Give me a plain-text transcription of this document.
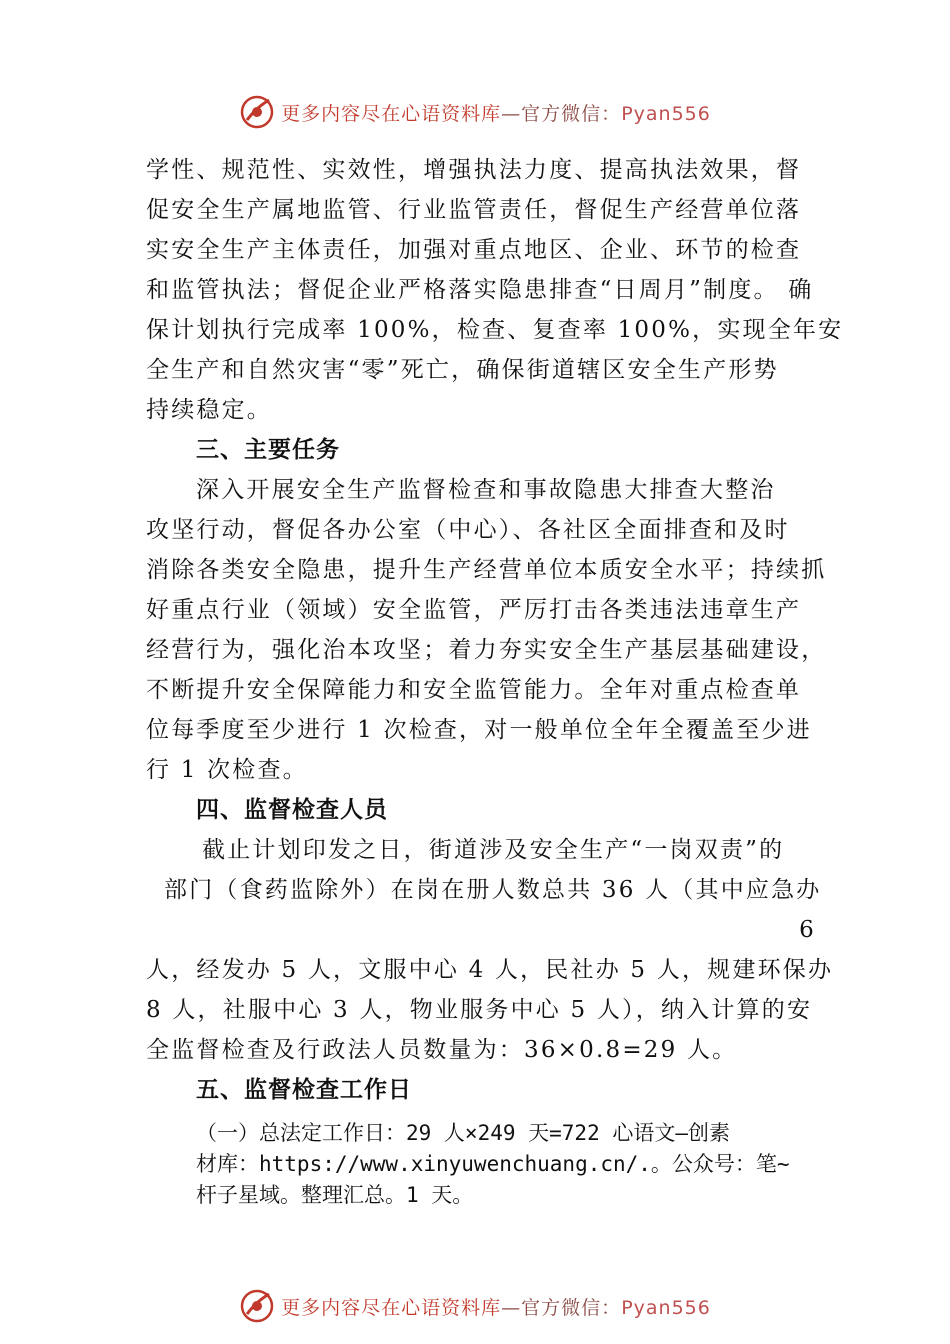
更多内容尽在心语资料库—官方微信：Pyan556

学性、规范性、实效性，增强执法力度、提高执法效果，督
促安全生产属地监管、行业监管责任，督促生产经营单位落
实安全生产主体责任，加强对重点地区、企业、环节的检查
和监管执法；督促企业严格落实隐患排查“日周月”制度。 确
保计划执行完成率 100%，检查、复查率 100%，实现全年安
全生产和自然灾害“零”死亡，确保街道辖区安全生产形势
持续稳定。

三、主要任务

深入开展安全生产监督检查和事故隐患大排查大整治
攻坚行动，督促各办公室（中心）、各社区全面排查和及时
消除各类安全隐患，提升生产经营单位本质安全水平；持续抓
好重点行业（领域）安全监管，严厉打击各类违法违章生产
经营行为，强化治本攻坚；着力夯实安全生产基层基础建设，
不断提升安全保障能力和安全监管能力。全年对重点检查单
位每季度至少进行 1 次检查，对一般单位全年全覆盖至少进
行 1 次检查。

四、监督检查人员

截止计划印发之日，街道涉及安全生产“一岗双责”的
部门（食药监除外）在岗在册人数总共 36 人（其中应急办
6
人，经发办 5 人，文服中心 4 人，民社办 5 人，规建环保办
8 人，社服中心 3 人，物业服务中心 5 人），纳入计算的安
全监督检查及行政法人员数量为：36×0.8=29 人。

五、监督检查工作日

（一）总法定工作日：29 人×249 天=722 心语文—创素
材库：https://www.xinyuwenchuang.cn/.。公众号：笔~
杆子星域。整理汇总。1 天。

更多内容尽在心语资料库—官方微信：Pyan556
